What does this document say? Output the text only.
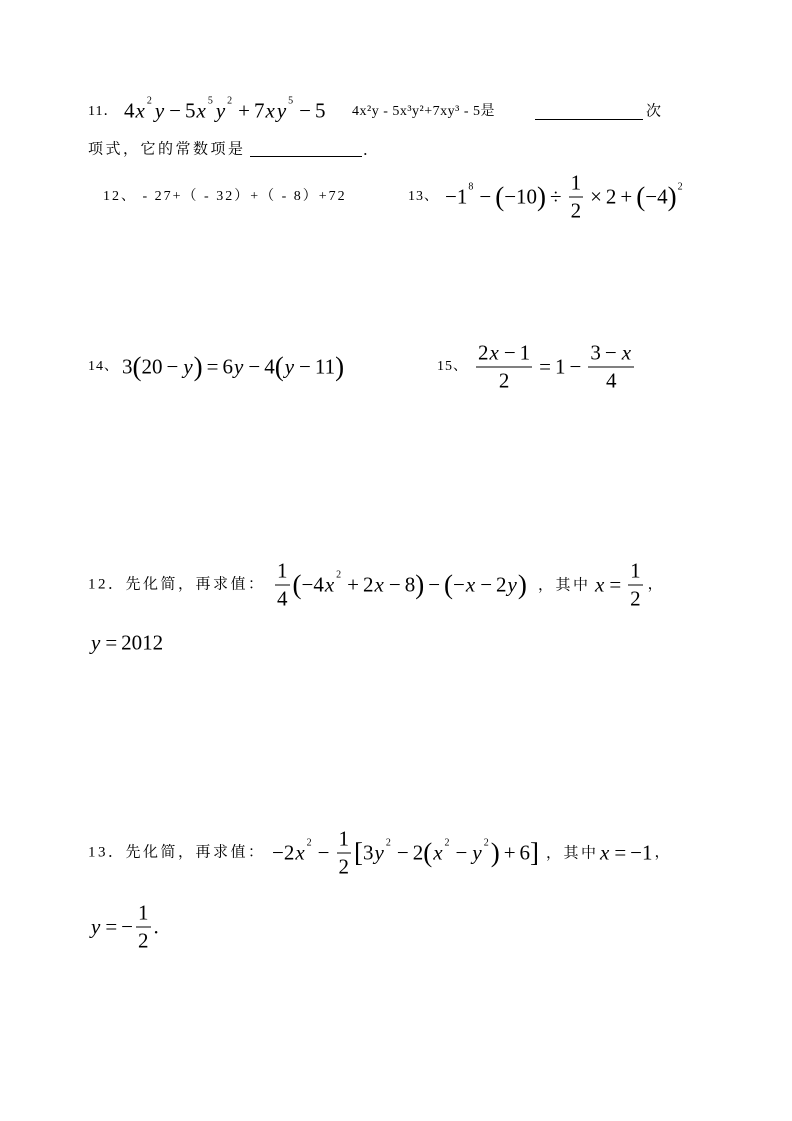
11． 4 x 2 y − 5 x 5 y 2 + 7 x y 5 − 5 4x²y - 5x³y²+7xy³ - 5是	次
项式，它的常数项是	．
12、 - 27+（ - 32）+（ - 8）+72	13、 − 1 8 − ( − 10 ) ÷ $\frac{1}{2} \times 2$ + ( − 4 ) 2
14、 3 ( 20 − y ) = 6 y − 4 ( y − 11 )	15、 $\frac{2 x - 1}{2} = 1 - \frac{3 - x}{4}$
12．先化简，再求值： $\frac{1}{4}$ ( − 4 x 2 + 2 x − 8 ) − ( − x − 2 y ) ，其中 $x = \frac{1}{2}$ ，
y = 2012
13．先化简，再求值： − 2 x $2 - \frac{1}{2}$ [ 3 y 2 − 2 ( x 2 − y 2 ) + 6 ] ，其中 x = − 1 ，
y = − $\frac{1}{2}$ .
